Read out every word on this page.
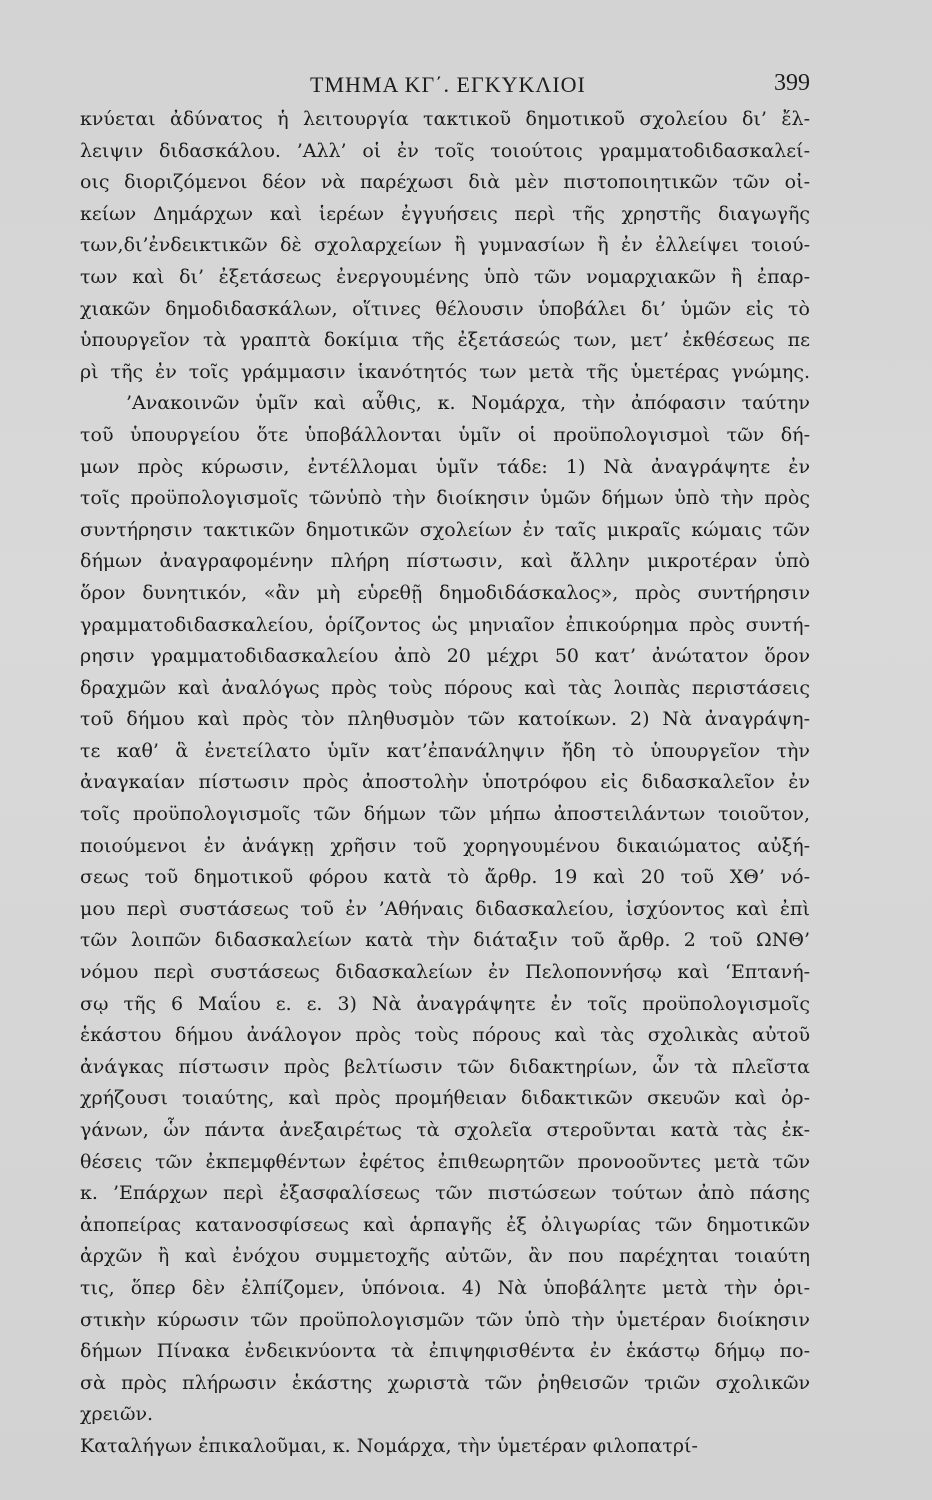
ΤΜΗΜΑ ΚΓ΄. ΕΓΚΥΚΛΙΟΙ	399
κνύεται ἀδύνατος ἡ λειτουργία τακτικοῦ δημοτικοῦ σχολείου δι’ ἔλ-
λειψιν διδασκάλου. ’Αλλ’ οἱ ἐν τοῖς τοιούτοις γραμματοδιδασκαλεί-
οις διοριζόμενοι δέον νὰ παρέχωσι διὰ μὲν πιστοποιητικῶν τῶν οἰ-
κείων Δημάρχων καὶ ἱερέων ἐγγυήσεις περὶ τῆς χρηστῆς διαγωγῆς
των,δι’ἐνδεικτικῶν δὲ σχολαρχείων ἢ γυμνασίων ἢ ἐν ἐλλείψει τοιού-
των καὶ δι’ ἐξετάσεως ἐνεργουμένης ὑπὸ τῶν νομαρχιακῶν ἢ ἐπαρ-
χιακῶν δημοδιδασκάλων, οἵτινες θέλουσιν ὑποβάλει δι’ ὑμῶν εἰς τὸ
ὑπουργεῖον τὰ γραπτὰ δοκίμια τῆς ἐξετάσεώς των, μετ’ ἐκθέσεως πε
ρὶ τῆς ἐν τοῖς γράμμασιν ἱκανότητός των μετὰ τῆς ὑμετέρας γνώμης.
’Ανακοινῶν ὑμῖν καὶ αὖθις, κ. Νομάρχα, τὴν ἀπόφασιν ταύτην
τοῦ ὑπουργείου ὅτε ὑποβάλλονται ὑμῖν οἱ προϋπολογισμοὶ τῶν δή-
μων πρὸς κύρωσιν, ἐντέλλομαι ὑμῖν τάδε: 1) Νὰ ἀναγράψητε ἐν
τοῖς προϋπολογισμοῖς τῶνὑπὸ τὴν διοίκησιν ὑμῶν δήμων ὑπὸ τὴν πρὸς
συντήρησιν τακτικῶν δημοτικῶν σχολείων ἐν ταῖς μικραῖς κώμαις τῶν
δήμων ἀναγραφομένην πλήρη πίστωσιν, καὶ ἄλλην μικροτέραν ὑπὸ
ὅρον δυνητικόν, «ἂν μὴ εὑρεθῇ δημοδιδάσκαλος», πρὸς συντήρησιν
γραμματοδιδασκαλείου, ὁρίζοντος ὡς μηνιαῖον ἐπικούρημα πρὸς συντή-
ρησιν γραμματοδιδασκαλείου ἀπὸ 20 μέχρι 50 κατ’ ἀνώτατον ὅρον
δραχμῶν καὶ ἀναλόγως πρὸς τοὺς πόρους καὶ τὰς λοιπὰς περιστάσεις
τοῦ δήμου καὶ πρὸς τὸν πληθυσμὸν τῶν κατοίκων. 2) Νὰ ἀναγράψη-
τε καθ’ ἃ ἐνετείλατο ὑμῖν κατ’ἐπανάληψιν ἤδη τὸ ὑπουργεῖον τὴν
ἀναγκαίαν πίστωσιν πρὸς ἀποστολὴν ὑποτρόφου εἰς διδασκαλεῖον ἐν
τοῖς προϋπολογισμοῖς τῶν δήμων τῶν μήπω ἀποστειλάντων τοιοῦτον,
ποιούμενοι ἐν ἀνάγκῃ χρῆσιν τοῦ χορηγουμένου δικαιώματος αὐξή-
σεως τοῦ δημοτικοῦ φόρου κατὰ τὸ ἄρθρ. 19 καὶ 20 τοῦ ΧΘ’ νό-
μου περὶ συστάσεως τοῦ ἐν ’Αθήναις διδασκαλείου, ἰσχύοντος καὶ ἐπὶ
τῶν λοιπῶν διδασκαλείων κατὰ τὴν διάταξιν τοῦ ἄρθρ. 2 τοῦ ΩΝΘ’
νόμου περὶ συστάσεως διδασκαλείων ἐν Πελοποννήσῳ καὶ ‘Επτανή-
σῳ τῆς 6 Μαΐου ε. ε. 3) Νὰ ἀναγράψητε ἐν τοῖς προϋπολογισμοῖς
ἑκάστου δήμου ἀνάλογον πρὸς τοὺς πόρους καὶ τὰς σχολικὰς αὐτοῦ
ἀνάγκας πίστωσιν πρὸς βελτίωσιν τῶν διδακτηρίων, ὧν τὰ πλεῖστα
χρήζουσι τοιαύτης, καὶ πρὸς προμήθειαν διδακτικῶν σκευῶν καὶ ὀρ-
γάνων, ὧν πάντα ἀνεξαιρέτως τὰ σχολεῖα στεροῦνται κατὰ τὰς ἐκ-
θέσεις τῶν ἐκπεμφθέντων ἐφέτος ἐπιθεωρητῶν προνοοῦντες μετὰ τῶν
κ. ’Επάρχων περὶ ἐξασφαλίσεως τῶν πιστώσεων τούτων ἀπὸ πάσης
ἀποπείρας κατανοσφίσεως καὶ ἁρπαγῆς ἐξ ὀλιγωρίας τῶν δημοτικῶν
ἀρχῶν ἢ καὶ ἐνόχου συμμετοχῆς αὐτῶν, ἂν που παρέχηται τοιαύτη
τις, ὅπερ δὲν ἐλπίζομεν, ὑπόνοια. 4) Νὰ ὑποβάλητε μετὰ τὴν ὁρι-
στικὴν κύρωσιν τῶν προϋπολογισμῶν τῶν ὑπὸ τὴν ὑμετέραν διοίκησιν
δήμων Πίνακα ἐνδεικνύοντα τὰ ἐπιψηφισθέντα ἐν ἑκάστῳ δήμῳ πο-
σὰ πρὸς πλήρωσιν ἑκάστης χωριστὰ τῶν ῥηθεισῶν τριῶν σχολικῶν
χρειῶν.
Καταλήγων ἐπικαλοῦμαι, κ. Νομάρχα, τὴν ὑμετέραν φιλοπατρί-
